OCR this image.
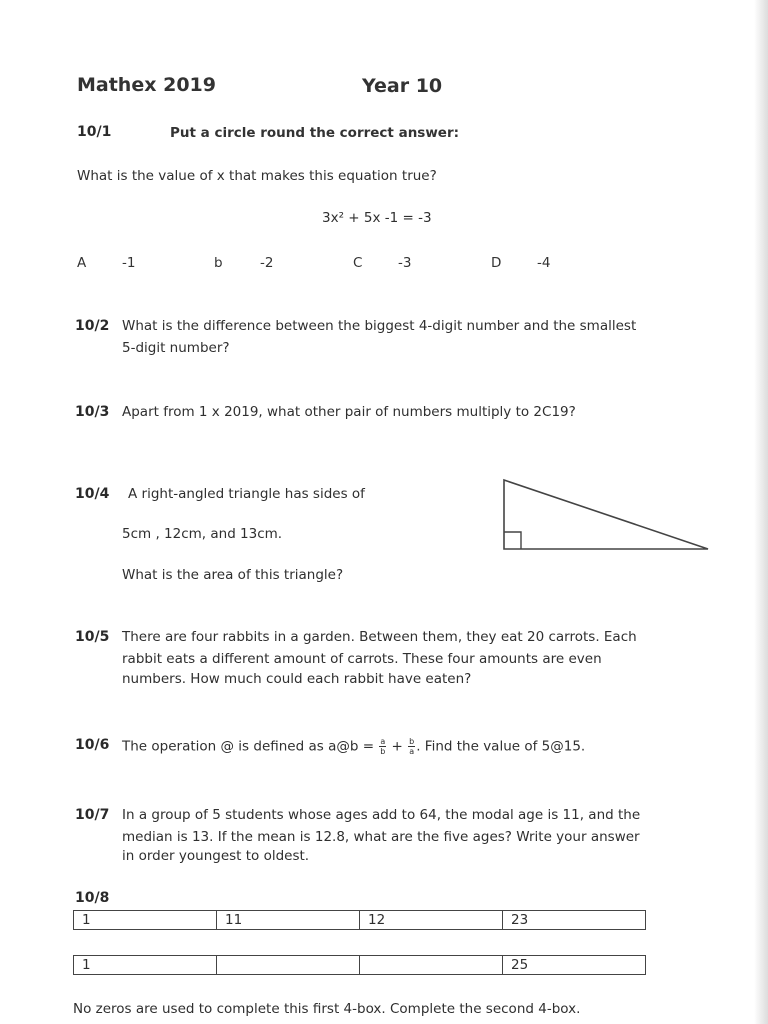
Mathex 2019	Year 10
10/1	Put a circle round the correct answer:
What is the value of x that makes this equation true?
3x² + 5x -1 = -3
A	-1	b	-2	C	-3	D	-4
10/2 What is the difference between the biggest 4-digit number and the smallest
5-digit number?
10/3 Apart from 1 x 2019, what other pair of numbers multiply to 2C19?
10/4 A right-angled triangle has sides of
5cm , 12cm, and 13cm.
What is the area of this triangle?
10/5 There are four rabbits in a garden. Between them, they eat 20 carrots. Each
rabbit eats a different amount of carrots. These four amounts are even
numbers. How much could each rabbit have eaten?
10/6 The operation @ is defined as a@b = $\frac{a}{b} + \frac{b}{a}$ . Find the value of 5@15.
10/7 In a group of 5 students whose ages add to 64, the modal age is 11, and the
median is 13. If the mean is 12.8, what are the five ages? Write your answer
in order youngest to oldest.
10/8
1	11	12	23
1			25
No zeros are used to complete this first 4-box. Complete the second 4-box.
